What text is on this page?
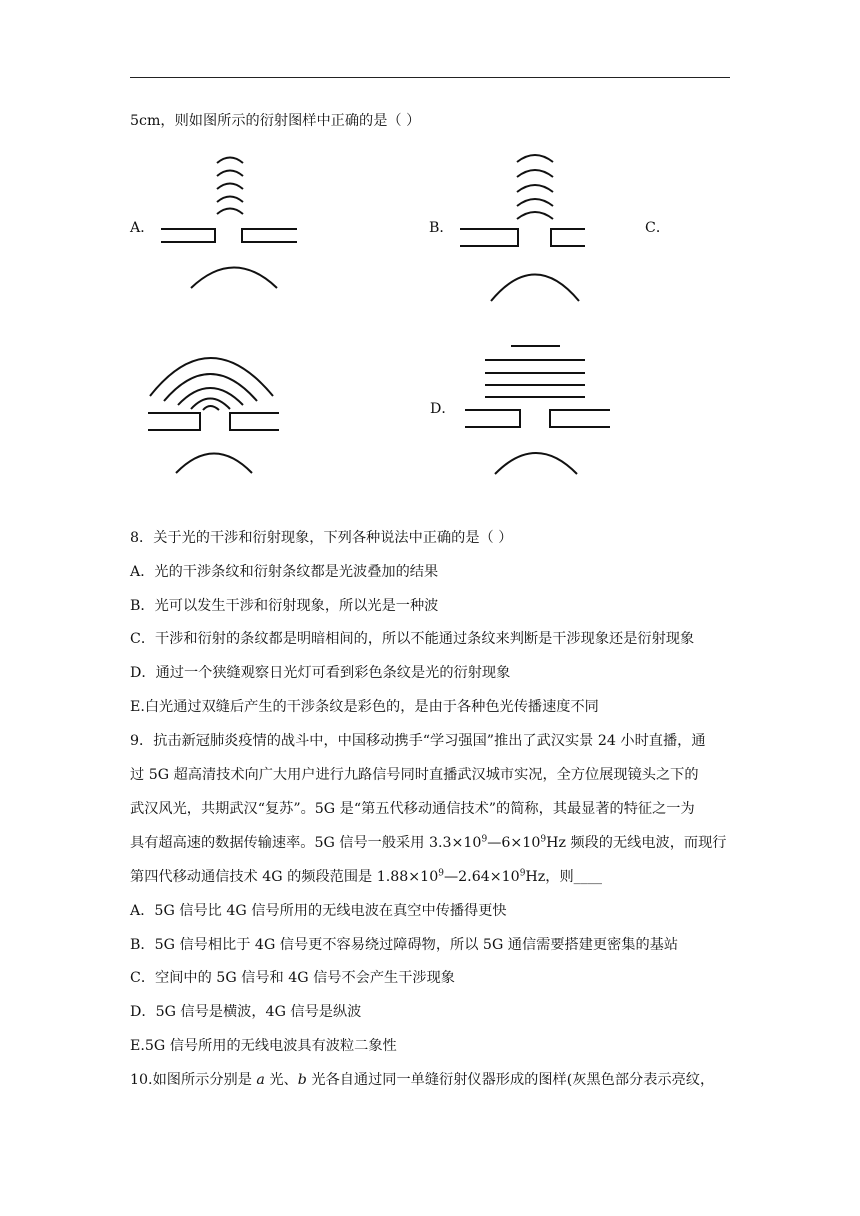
5cm，则如图所示的衍射图样中正确的是（ ）
A．	B．	C．
D．
8．关于光的干涉和衍射现象，下列各种说法中正确的是（ ）
A．光的干涉条纹和衍射条纹都是光波叠加的结果
B．光可以发生干涉和衍射现象，所以光是一种波
C．干涉和衍射的条纹都是明暗相间的，所以不能通过条纹来判断是干涉现象还是衍射现象
D．通过一个狭缝观察日光灯可看到彩色条纹是光的衍射现象
E.白光通过双缝后产生的干涉条纹是彩色的，是由于各种色光传播速度不同
9．抗击新冠肺炎疫情的战斗中，中国移动携手“学习强国”推出了武汉实景 24 小时直播，通
过 5G 超高清技术向广大用户进行九路信号同时直播武汉城市实况，全方位展现镜头之下的
武汉风光，共期武汉“复苏”。5G 是“第五代移动通信技术”的简称，其最显著的特征之一为
具有超高速的数据传输速率。5G 信号一般采用 $3.3\times 10^9—6\times 10^9Hz$ 频段的无线电波，而现行
第四代移动通信技术 4G 的频段范围是 $1.88\times 10^9—2.64\times 10^9Hz$，则____
A．5G 信号比 4G 信号所用的无线电波在真空中传播得更快
B．5G 信号相比于 4G 信号更不容易绕过障碍物，所以 5G 通信需要搭建更密集的基站
C．空间中的 5G 信号和 4G 信号不会产生干涉现象
D．5G 信号是横波，4G 信号是纵波
E.5G 信号所用的无线电波具有波粒二象性
10.如图所示分别是 a 光、b 光各自通过同一单缝衍射仪器形成的图样(灰黑色部分表示亮纹，
